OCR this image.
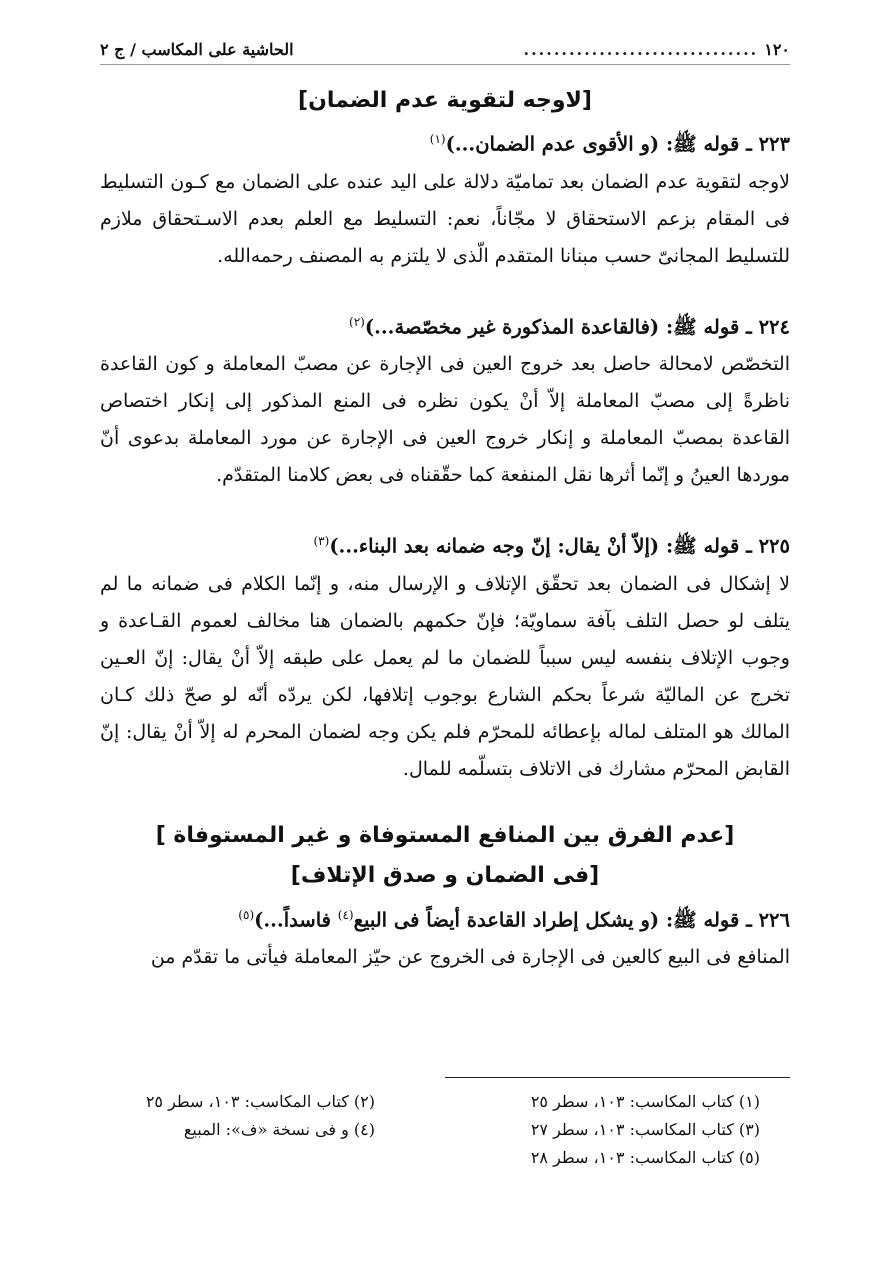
١٢٠
...............................
الحاشية على المكاسب / ج ٢
[لاوجه لتقوية عدم الضمان]
٢٢٣ ـ قوله ﷺ: (و الأقوى عدم الضمان...)$^{(١)}$
لاوجه لتقوية عدم الضمان بعد تماميّة دلالة على اليد عنده على الضمان مع كـون التسليط فى المقام بزعم الاستحقاق لا مجّاناً، نعم: التسليط مع العلم بعدم الاسـتحقاق ملازم للتسليط المجانىّ حسب مبنانا المتقدم الّذى لا يلتزم به المصنف رحمه‌الله.
٢٢٤ ـ قوله ﷺ: (فالقاعدة المذكورة غير مخصّصة...)$^{(٢)}$
التخصّص لامحالة حاصل بعد خروج العين فى الإجارة عن مصبّ المعاملة و كون القاعدة ناظرةً إلى مصبّ المعاملة إلاّ أنْ يكون نظره فى المنع المذكور إلى إنكار اختصاص القاعدة بمصبّ المعاملة و إنكار خروج العين فى الإجارة عن مورد المعاملة بدعوى أنّ موردها العينُ و إنّما أثرها نقل المنفعة كما حقّقناه فى بعض كلامنا المتقدّم.
٢٢٥ ـ قوله ﷺ: (إلاّ أنْ يقال: إنّ وجه ضمانه بعد البناء...)$^{(٣)}$
لا إشكال فى الضمان بعد تحقّق الإتلاف و الإرسال منه، و إنّما الكلام فى ضمانه ما لم يتلف لو حصل التلف بآفة سماويّة؛ فإنّ حكمهم بالضمان هنا مخالف لعموم القـاعدة و وجوب الإتلاف بنفسه ليس سبباً للضمان ما لم يعمل على طبقه إلاّ أنْ يقال: إنّ العـين تخرج عن الماليّة شرعاً بحكم الشارع بوجوب إتلافها، لكن يردّه أنّه لو صحّ ذلك كـان المالك هو المتلف لماله بإعطائه للمحرّم فلم يكن وجه لضمان المحرم له إلاّ أنْ يقال: إنّ القابض المحرّم مشارك فى الاتلاف بتسلّمه للمال.
[عدم الفرق بين المنافع المستوفاة و غير المستوفاة ]
[فى الضمان و صدق الإتلاف]
٢٢٦ ـ قوله ﷺ: (و يشكل إطراد القاعدة أيضاً فى البيع$^{(٤)}$ فاسداً...)$^{(٥)}$
المنافع فى البيع كالعين فى الإجارة فى الخروج عن حيّز المعاملة فيأتى ما تقدّم من
(١) كتاب المكاسب: ١٠٣، سطر ٢٥
(٢) كتاب المكاسب: ١٠٣، سطر ٢٥
(٣) كتاب المكاسب: ١٠٣، سطر ٢٧
(٤) و فى نسخة «ف»: المبيع
(٥) كتاب المكاسب: ١٠٣، سطر ٢٨
